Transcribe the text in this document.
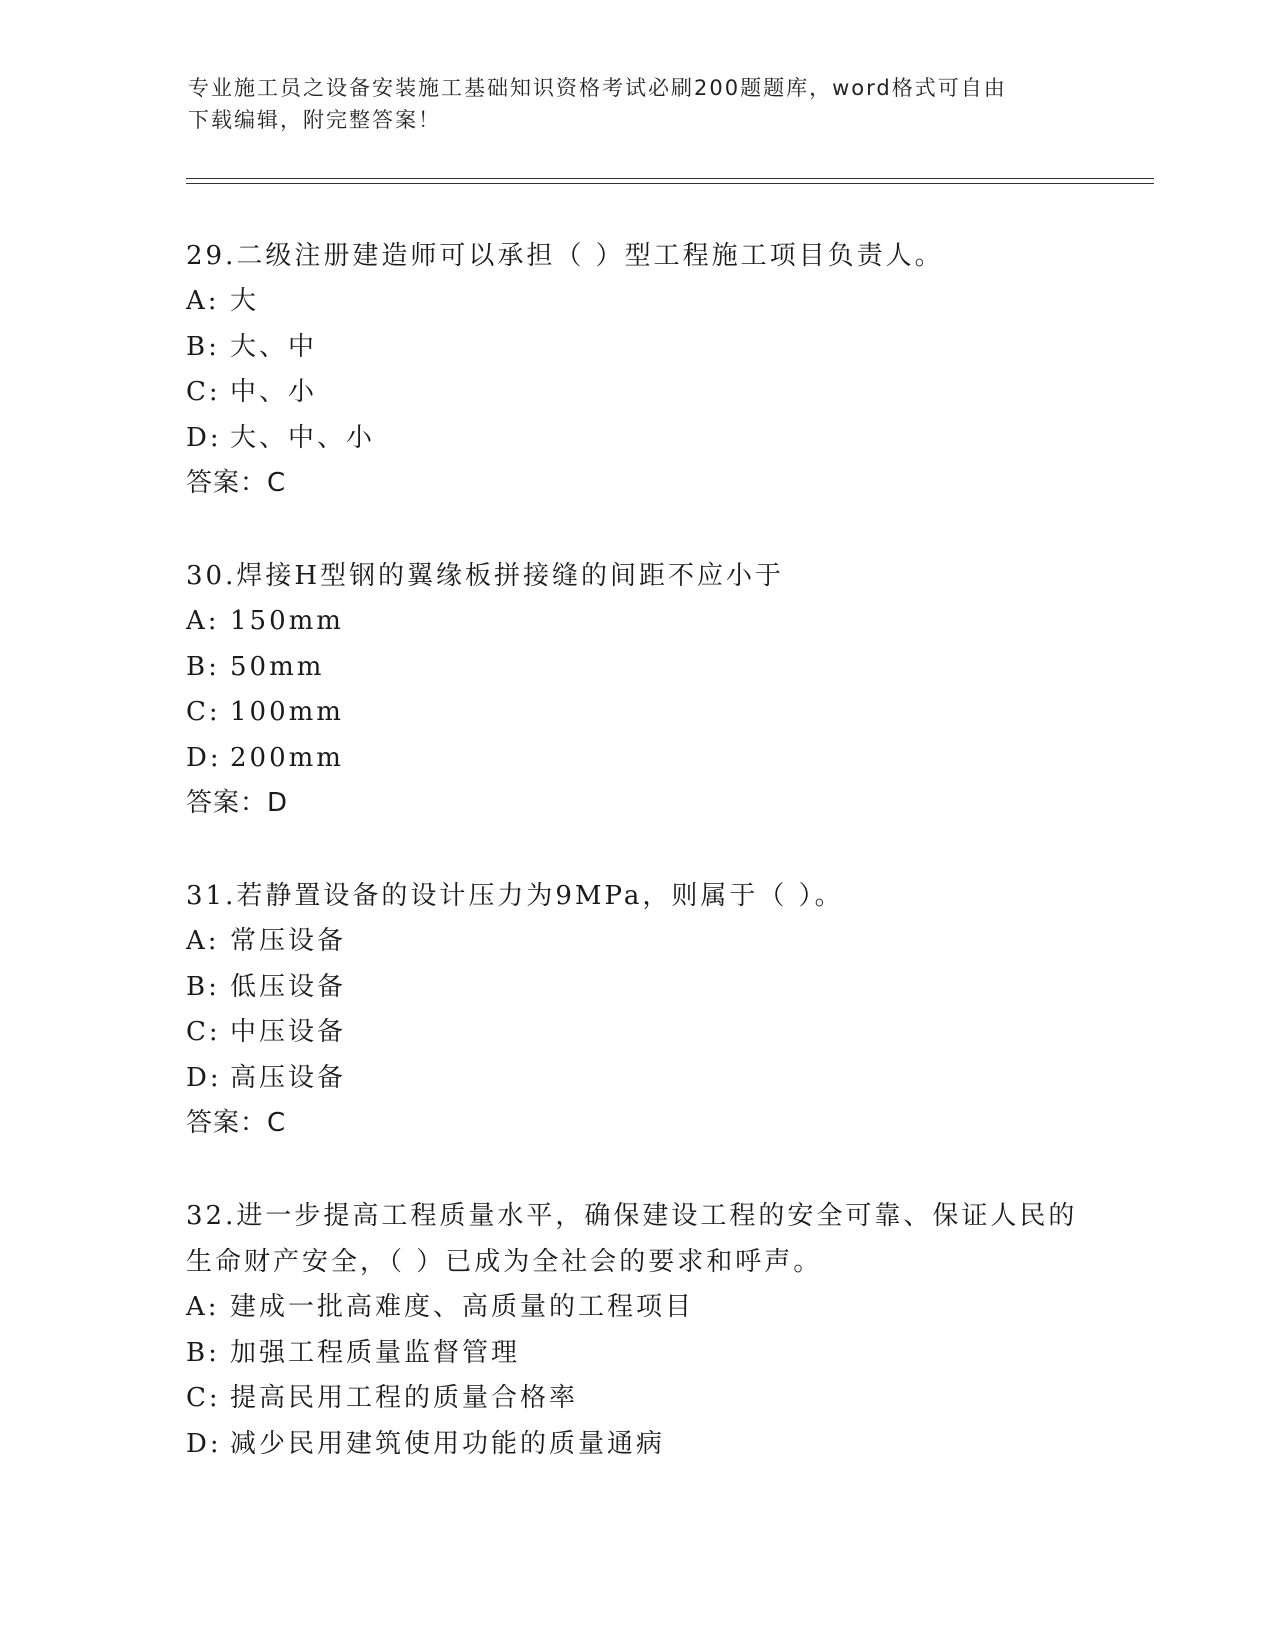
专业施工员之设备安装施工基础知识资格考试必刷200题题库，word格式可自由
下载编辑，附完整答案！

29.二级注册建造师可以承担（ ）型工程施工项目负责人。

A: 大

B: 大、中

C: 中、小

D: 大、中、小

答案：C

30.焊接H型钢的翼缘板拼接缝的间距不应小于

A: 150mm

B: 50mm

C: 100mm

D: 200mm

答案：D

31.若静置设备的设计压力为9MPa，则属于（ ）。

A: 常压设备

B: 低压设备

C: 中压设备

D: 高压设备

答案：C

32.进一步提高工程质量水平，确保建设工程的安全可靠、保证人民的

生命财产安全，（ ）已成为全社会的要求和呼声。

A: 建成一批高难度、高质量的工程项目

B: 加强工程质量监督管理

C: 提高民用工程的质量合格率

D: 减少民用建筑使用功能的质量通病
